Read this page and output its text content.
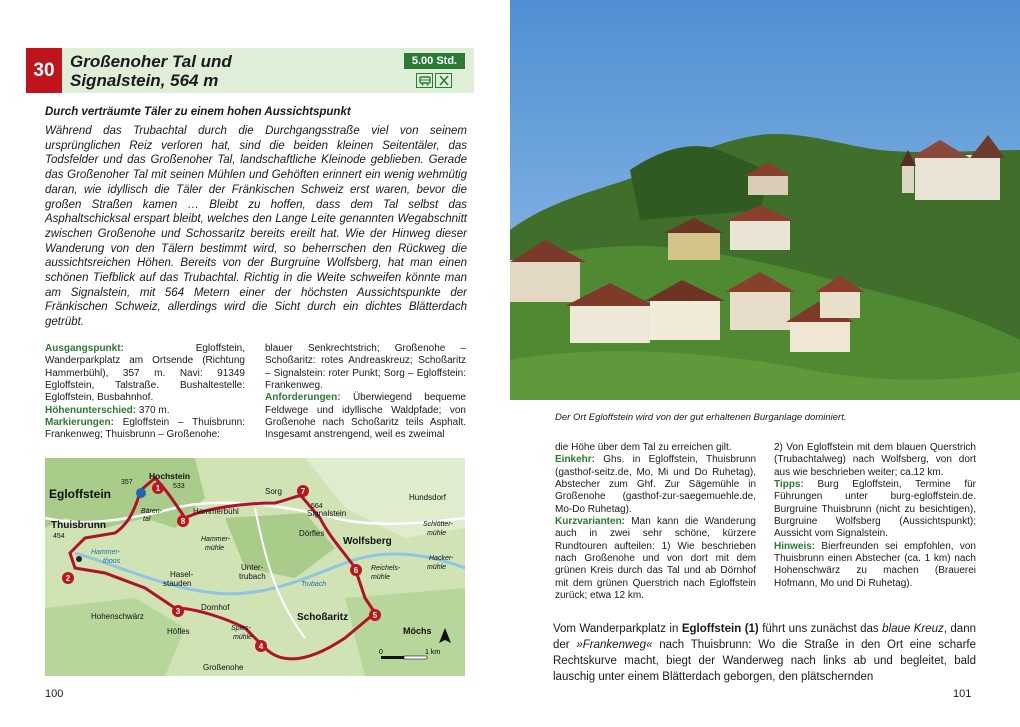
30 Großenoher Tal und
Signalstein, 564 m
5.00 Std.
Durch verträumte Täler zu einem hohen Aussichtspunkt
Während das Trubachtal durch die Durchgangsstraße viel von seinem ursprünglichen Reiz verloren hat, sind die beiden kleinen Seitentäler, das Todsfelder und das Großenoher Tal, landschaftliche Kleinode geblieben. Gerade das Großenoher Tal mit seinen Mühlen und Gehöften erinnert ein wenig wehmütig daran, wie idyllisch die Täler der Fränkischen Schweiz erst waren, bevor die großen Straßen kamen … Bleibt zu hoffen, dass dem Tal selbst das Asphaltschicksal erspart bleibt, welches den Lange Leite genannten Wegabschnitt zwischen Großenohe und Schossaritz bereits ereilt hat. Wie der Hinweg dieser Wanderung von den Tälern bestimmt wird, so beherrschen den Rückweg die aussichtsreichen Höhen. Bereits von der Burgruine Wolfsberg, hat man einen schönen Tiefblick auf das Trubachtal. Richtig in die Weite schweifen könnte man am Signalstein, mit 564 Metern einer der höchsten Aussichtspunkte der Fränkischen Schweiz, allerdings wird die Sicht durch ein dichtes Blätterdach getrübt.
Ausgangspunkt: Egloffstein, Wanderparkplatz am Ortsende (Richtung Hammerbühl), 357 m. Navi: 91349 Egloffstein, Talstraße. Bushaltestelle: Egloffstein, Busbahnhof.
Höhenunterschied: 370 m.
Markierungen: Egloffstein – Thuisbrunn: Frankenweg; Thuisbrunn – Großenohe:
blauer Senkrechtstrich; Großenohe – Schoßaritz: rotes Andreaskreuz; Schoßaritz – Signalstein: roter Punkt; Sorg – Egloffstein: Frankenweg.
Anforderungen: Überwiegend bequeme Feldwege und idyllische Waldpfade; von Großenohe nach Schoßaritz teils Asphalt. Insgesamt anstrengend, weil es zweimal
1
2
3
4
5
6
7
8
Egloffstein
Hochstein
533
357
Bären-
tal
Hammerbühl
Sorg
Signalstein
564
Dörfles
Hundsdorf
Schlötter-
mühle
Wolfsberg
Hacker-
mühle
Thuisbrunn
454
Hammer-
thoos
Hammer-
mühle
Unter-
trubach
Trubach
Reichels-
mühle
Hasel-
stauden
Dornhof
Hohenschwärz
Höfles	Spies-
mühle
Schoßaritz
Möchs
Großenohe
0	1 km
100
Der Ort Egloffstein wird von der gut erhaltenen Burganlage dominiert.
die Höhe über dem Tal zu erreichen gilt.
Einkehr: Ghs. in Egloffstein, Thuisbrunn (gasthof-seitz.de, Mo, Mi und Do Ruhetag), Abstecher zum Ghf. Zur Sägemühle in Großenohe (gasthof-zur-saegemuehle.de, Mo-Do Ruhetag).
Kurzvarianten: Man kann die Wanderung auch in zwei sehr schöne, kürzere Rundtouren aufteilen: 1) Wie beschrieben nach Großenohe und von dort mit dem grünen Kreis durch das Tal und ab Dörnhof mit dem grünen Querstrich nach Egloffstein zurück; etwa 12 km.
2) Von Egloffstein mit dem blauen Querstrich (Trubachtalweg) nach Wolfsberg, von dort aus wie beschrieben weiter; ca.12 km.
Tipps: Burg Egloffstein, Termine für Führungen unter burg-egloffstein.de. Burgruine Thuisbrunn (nicht zu besichtigen), Burgruine Wolfsberg (Aussichtspunkt); Aussicht vom Signalstein.
Hinweis: Bierfreunden sei empfohlen, von Thuisbrunn einen Abstecher (ca. 1 km) nach Hohenschwärz zu machen (Brauerei Hofmann, Mo und Di Ruhetag).
Vom Wanderparkplatz in Egloffstein (1) führt uns zunächst das blaue Kreuz, dann der »Frankenweg« nach Thuisbrunn: Wo die Straße in den Ort eine scharfe Rechtskurve macht, biegt der Wanderweg nach links ab und begleitet, bald lauschig unter einem Blätterdach geborgen, den plätschernden
101
